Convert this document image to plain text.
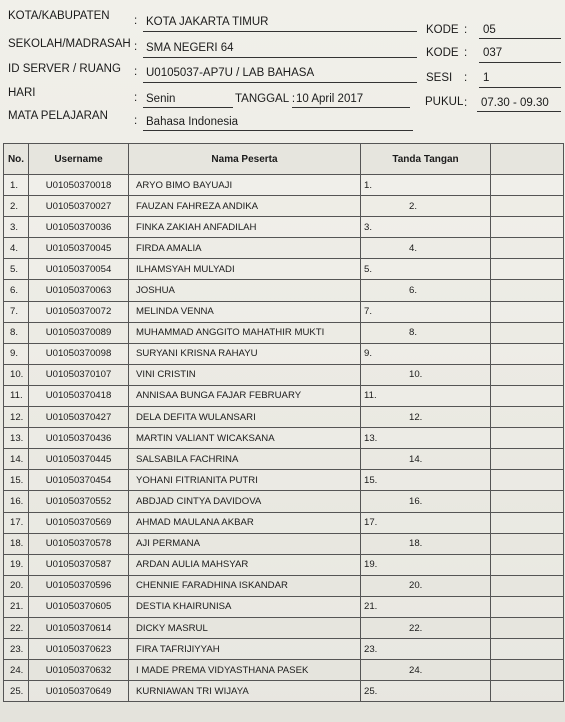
KOTA/KABUPATEN : KOTA JAKARTA TIMUR
KODE : 05
SEKOLAH/MADRASAH : SMA NEGERI 64	KODE : 037
ID SERVER / RUANG : U0105037-AP7U / LAB BAHASA	SESI : 1
HARI	: Senin	TANGGAL : 10 April 2017	PUKUL : 07.30 - 09.30
MATA PELAJARAN : Bahasa Indonesia
No.	Username	Nama Peserta	Tanda Tangan	
1.	U01050370018	ARYO BIMO BAYUAJI	1.	
2.	U01050370027	FAUZAN FAHREZA ANDIKA	2.	
3.	U01050370036	FINKA ZAKIAH ANFADILAH	3.	
4.	U01050370045	FIRDA AMALIA	4.	
5.	U01050370054	ILHAMSYAH MULYADI	5.	
6.	U01050370063	JOSHUA	6.	
7.	U01050370072	MELINDA VENNA	7.	
8.	U01050370089	MUHAMMAD ANGGITO MAHATHIR MUKTI	8.	
9.	U01050370098	SURYANI KRISNA RAHAYU	9.	
10.	U01050370107	VINI CRISTIN	10.	
11.	U01050370418	ANNISAA BUNGA FAJAR FEBRUARY	11.	
12.	U01050370427	DELA DEFITA WULANSARI	12.	
13.	U01050370436	MARTIN VALIANT WICAKSANA	13.	
14.	U01050370445	SALSABILA FACHRINA	14.	
15.	U01050370454	YOHANI FITRIANITA PUTRI	15.	
16.	U01050370552	ABDJAD CINTYA DAVIDOVA	16.	
17.	U01050370569	AHMAD MAULANA AKBAR	17.	
18.	U01050370578	AJI PERMANA	18.	
19.	U01050370587	ARDAN AULIA MAHSYAR	19.	
20.	U01050370596	CHENNIE FARADHINA ISKANDAR	20.	
21.	U01050370605	DESTIA KHAIRUNISA	21.	
22.	U01050370614	DICKY MASRUL	22.	
23.	U01050370623	FIRA TAFRIJIYYAH	23.	
24.	U01050370632	I MADE PREMA VIDYASTHANA PASEK	24.	
25.	U01050370649	KURNIAWAN TRI WIJAYA	25.	
